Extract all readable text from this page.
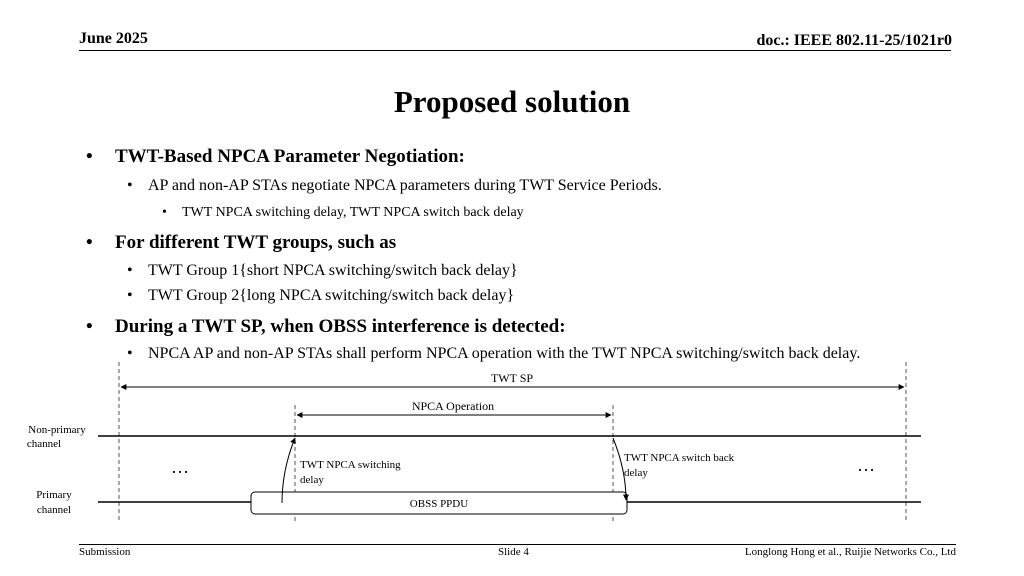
June 2025	doc.: IEEE 802.11-25/1021r0
Proposed solution
• TWT-Based NPCA Parameter Negotiation:
• AP and non-AP STAs negotiate NPCA parameters during TWT Service Periods.
• TWT NPCA switching delay, TWT NPCA switch back delay
• For different TWT groups, such as
• TWT Group 1{short NPCA switching/switch back delay}
• TWT Group 2{long NPCA switching/switch back delay}
• During a TWT SP, when OBSS interference is detected:
• NPCA AP and non-AP STAs shall perform NPCA operation with the TWT NPCA switching/switch back delay.
TWT SP
NPCA Operation
Non-primary
channel
Primary
channel	OBSS PPDU
TWT NPCA switching
delay
TWT NPCA switch back
delay
…	…
Submission	Slide 4	Longlong Hong et al., Ruijie Networks Co., Ltd
